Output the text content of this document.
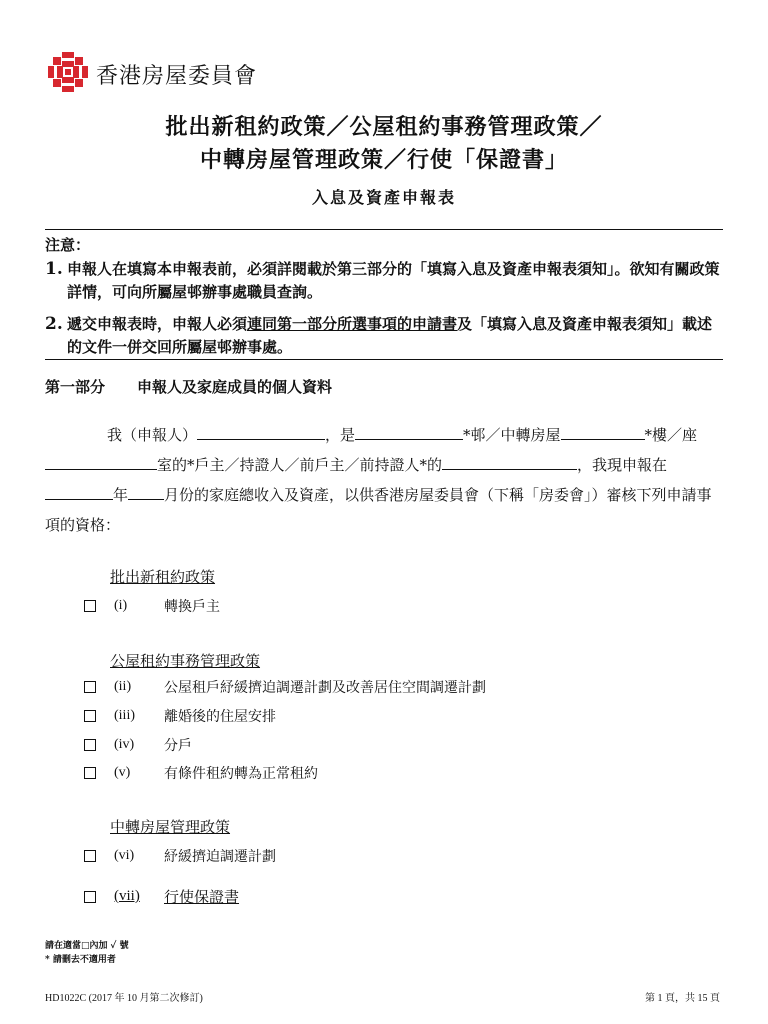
香港房屋委員會
批出新租約政策／公屋租約事務管理政策／
中轉房屋管理政策／行使「保證書」
入息及資產申報表
注意：
1. 申報人在填寫本申報表前，必須詳閱載於第三部分的「填寫入息及資產申報表須知」。欲知有關政策詳情，可向所屬屋邨辦事處職員查詢。
2. 遞交申報表時，申報人必須連同第一部分所選事項的申請書及「填寫入息及資產申報表須知」載述的文件一併交回所屬屋邨辦事處。
第一部分 申報人及家庭成員的個人資料
我（申報人）	，是	*邨／中轉房屋	*樓／座
室的*戶主／持證人／前戶主／前持證人*的	，我現申報在
年 月份的家庭總收入及資產，以供香港房屋委員會（下稱「房委會」）審核下列申請事項的資格：
批出新租約政策
(i)	轉換戶主
公屋租約事務管理政策
(ii)	公屋租戶紓緩擠迫調遷計劃及改善居住空間調遷計劃
(iii)	離婚後的住屋安排
(iv)	分戶
(v)	有條件租約轉為正常租約
中轉房屋管理政策
(vi)	紓緩擠迫調遷計劃
(vii)	行使保證書
請在適當□內加 ✓ 號
* 請刪去不適用者
HD1022C (2017 年 10 月第二次修訂)	第 1 頁，共 15 頁
